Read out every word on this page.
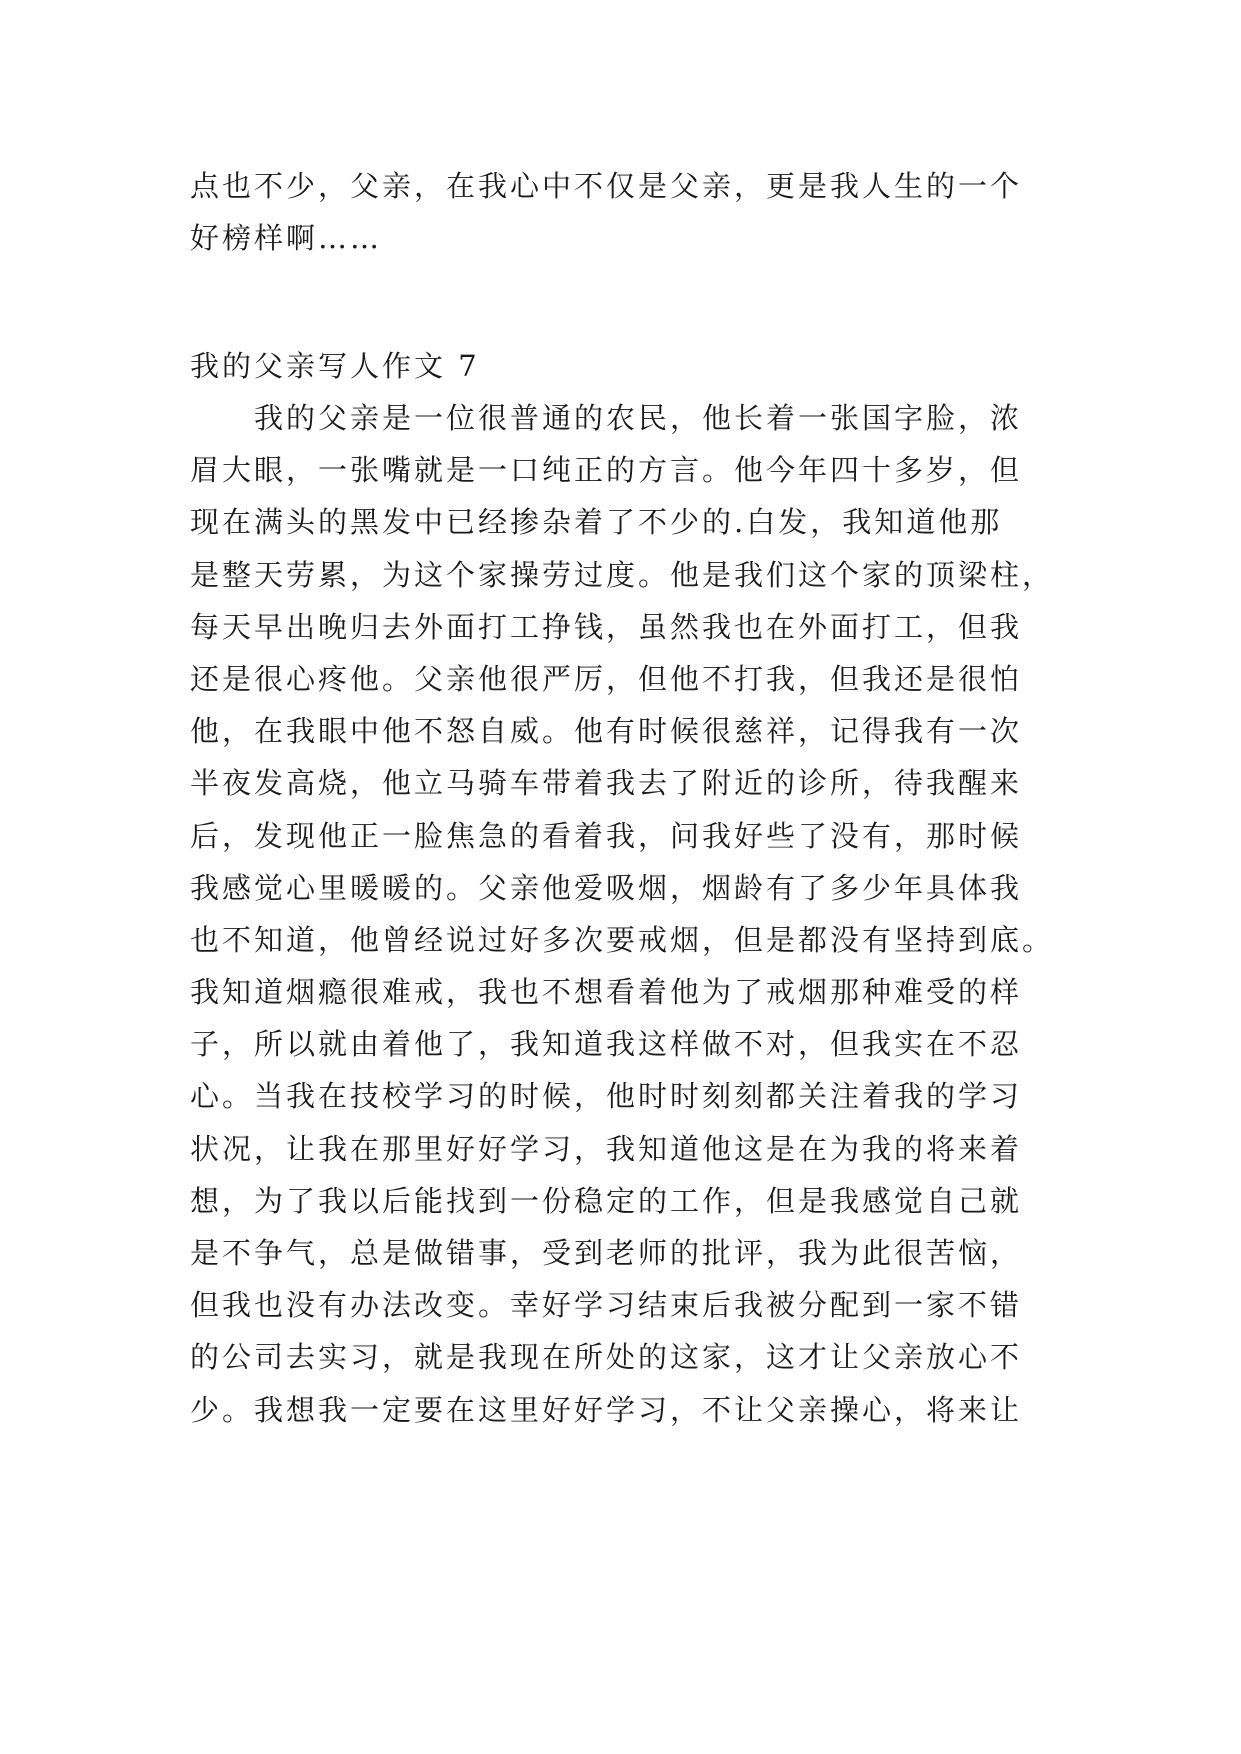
点也不少，父亲，在我心中不仅是父亲，更是我人生的一个
好榜样啊……
我的父亲写人作文 7
　　我的父亲是一位很普通的农民，他长着一张国字脸，浓
眉大眼，一张嘴就是一口纯正的方言。他今年四十多岁，但
现在满头的黑发中已经掺杂着了不少的.白发，我知道他那
是整天劳累，为这个家操劳过度。他是我们这个家的顶梁柱，
每天早出晚归去外面打工挣钱，虽然我也在外面打工，但我
还是很心疼他。父亲他很严厉，但他不打我，但我还是很怕
他，在我眼中他不怒自威。他有时候很慈祥，记得我有一次
半夜发高烧，他立马骑车带着我去了附近的诊所，待我醒来
后，发现他正一脸焦急的看着我，问我好些了没有，那时候
我感觉心里暖暖的。父亲他爱吸烟，烟龄有了多少年具体我
也不知道，他曾经说过好多次要戒烟，但是都没有坚持到底。
我知道烟瘾很难戒，我也不想看着他为了戒烟那种难受的样
子，所以就由着他了，我知道我这样做不对，但我实在不忍
心。当我在技校学习的时候，他时时刻刻都关注着我的学习
状况，让我在那里好好学习，我知道他这是在为我的将来着
想，为了我以后能找到一份稳定的工作，但是我感觉自己就
是不争气，总是做错事，受到老师的批评，我为此很苦恼，
但我也没有办法改变。幸好学习结束后我被分配到一家不错
的公司去实习，就是我现在所处的这家，这才让父亲放心不
少。我想我一定要在这里好好学习，不让父亲操心，将来让
